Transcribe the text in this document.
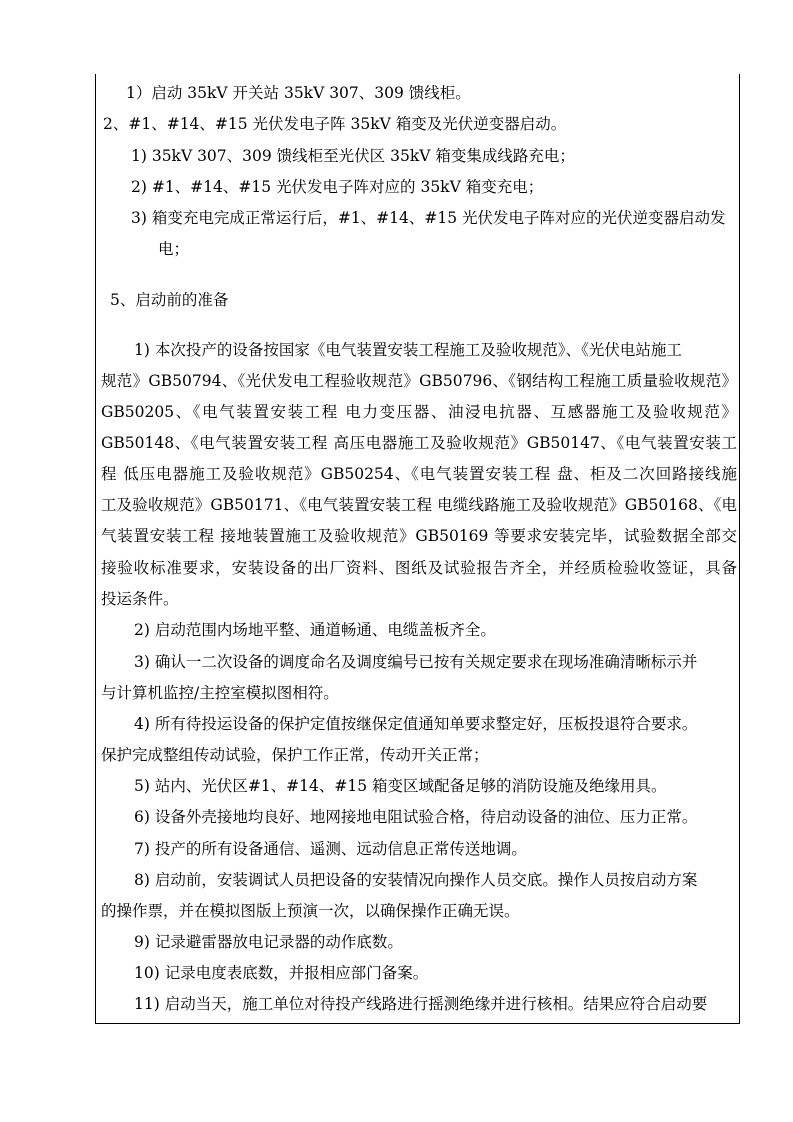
1）启动 35kV 开关站 35kV 307、309 馈线柜。
2、#1、#14、#15 光伏发电子阵 35kV 箱变及光伏逆变器启动。
1) 35kV 307、309 馈线柜至光伏区 35kV 箱变集成线路充电；
2) #1、#14、#15 光伏发电子阵对应的 35kV 箱变充电；
3) 箱变充电完成正常运行后，#1、#14、#15 光伏发电子阵对应的光伏逆变器启动发
电；
5、启动前的准备
1) 本次投产的设备按国家《电气装置安装工程施工及验收规范》、《光伏电站施工
规范》GB50794、《光伏发电工程验收规范》GB50796、《钢结构工程施工质量验收规范》
GB50205、《电气装置安装工程 电力变压器、油浸电抗器、互感器施工及验收规范》
GB50148、《电气装置安装工程 高压电器施工及验收规范》GB50147、《电气装置安装工
程 低压电器施工及验收规范》GB50254、《电气装置安装工程 盘、柜及二次回路接线施
工及验收规范》GB50171、《电气装置安装工程 电缆线路施工及验收规范》GB50168、《电
气装置安装工程 接地装置施工及验收规范》GB50169 等要求安装完毕，试验数据全部交
接验收标准要求，安装设备的出厂资料、图纸及试验报告齐全，并经质检验收签证，具备
投运条件。
2) 启动范围内场地平整、通道畅通、电缆盖板齐全。
3) 确认一二次设备的调度命名及调度编号已按有关规定要求在现场准确清晰标示并
与计算机监控/主控室模拟图相符。
4) 所有待投运设备的保护定值按继保定值通知单要求整定好，压板投退符合要求。
保护完成整组传动试验，保护工作正常，传动开关正常；
5) 站内、光伏区#1、#14、#15 箱变区域配备足够的消防设施及绝缘用具。
6) 设备外壳接地均良好、地网接地电阻试验合格，待启动设备的油位、压力正常。
7) 投产的所有设备通信、遥测、远动信息正常传送地调。
8) 启动前，安装调试人员把设备的安装情况向操作人员交底。操作人员按启动方案
的操作票，并在模拟图版上预演一次，以确保操作正确无误。
9) 记录避雷器放电记录器的动作底数。
10) 记录电度表底数，并报相应部门备案。
11) 启动当天，施工单位对待投产线路进行摇测绝缘并进行核相。结果应符合启动要
